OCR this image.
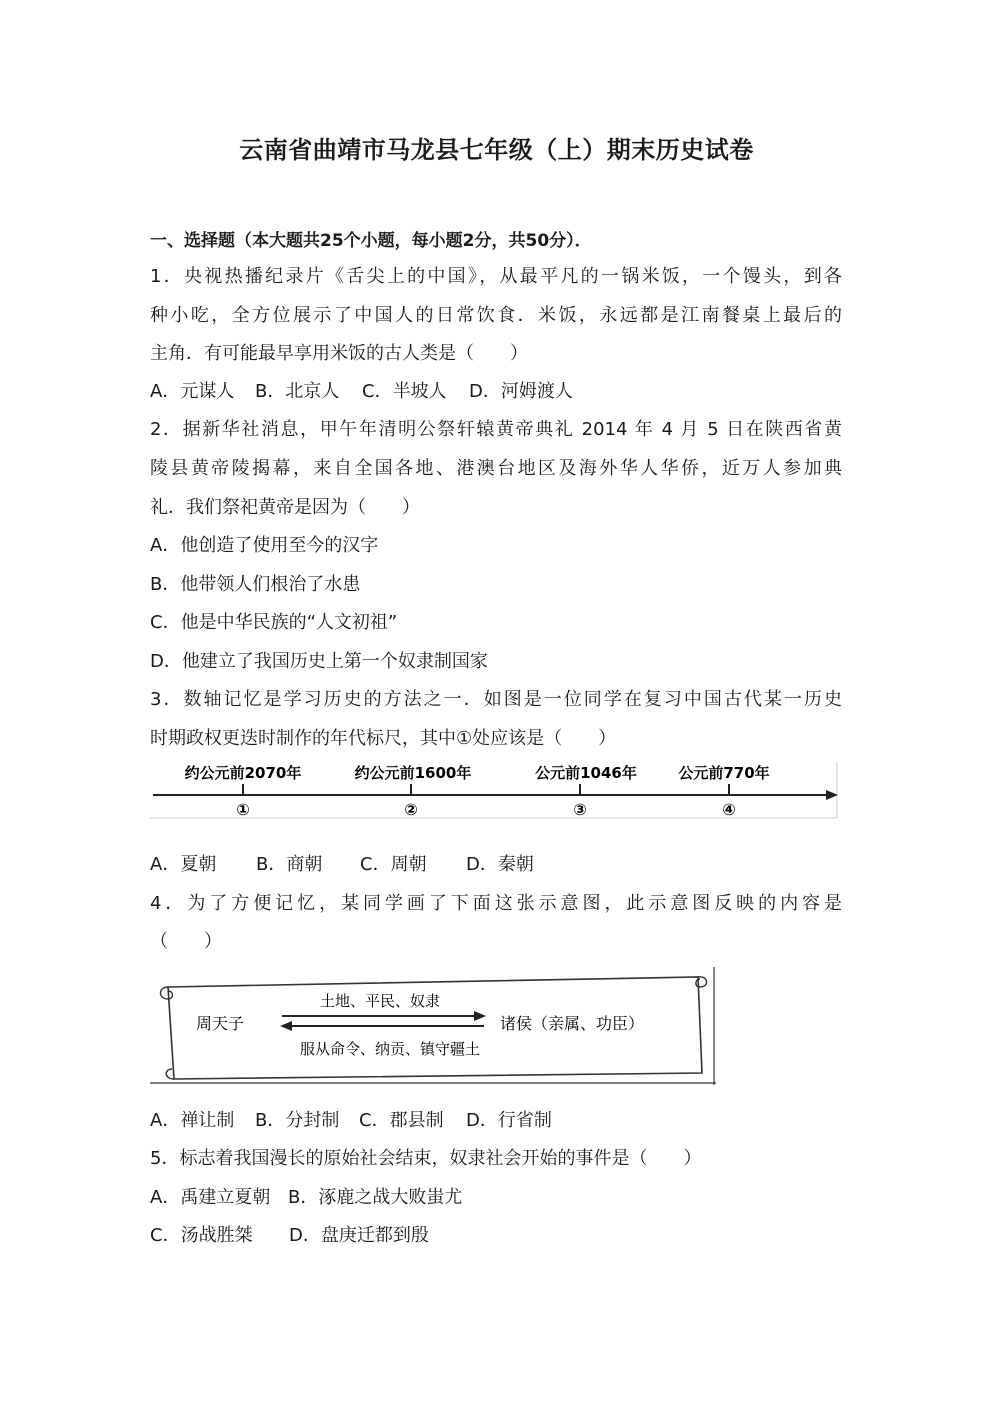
云南省曲靖市马龙县七年级（上）期末历史试卷
一、选择题（本大题共25个小题，每小题2分，共50分）．
1．央视热播纪录片《舌尖上的中国》，从最平凡的一锅米饭，一个馒头，到各
种小吃，全方位展示了中国人的日常饮食．米饭，永远都是江南餐桌上最后的
主角．有可能最早享用米饭的古人类是（　　）
A．元谋人 B．北京人 C．半坡人 D．河姆渡人
2．据新华社消息，甲午年清明公祭轩辕黄帝典礼 2014 年 4 月 5 日在陕西省黄
陵县黄帝陵揭幕，来自全国各地、港澳台地区及海外华人华侨，近万人参加典
礼．我们祭祀黄帝是因为（　　）
A．他创造了使用至今的汉字
B．他带领人们根治了水患
C．他是中华民族的“人文初祖”
D．他建立了我国历史上第一个奴隶制国家
3．数轴记忆是学习历史的方法之一．如图是一位同学在复习中国古代某一历史
时期政权更迭时制作的年代标尺，其中①处应该是（　　）
约公元前2070年
①
约公元前1600年
②
公元前1046年
③
公元前770年
④
A．夏朝 B．商朝 C．周朝 D．秦朝
4．为了方便记忆，某同学画了下面这张示意图，此示意图反映的内容是
（　　）
周天子	诸侯（亲属、功臣）
土地、平民、奴隶
服从命令、纳贡、镇守疆土
A．禅让制 B．分封制 C．郡县制 D．行省制
5．标志着我国漫长的原始社会结束，奴隶社会开始的事件是（　　）
A．禹建立夏朝 B．涿鹿之战大败蚩尤
C．汤战胜桀 D．盘庚迁都到殷
